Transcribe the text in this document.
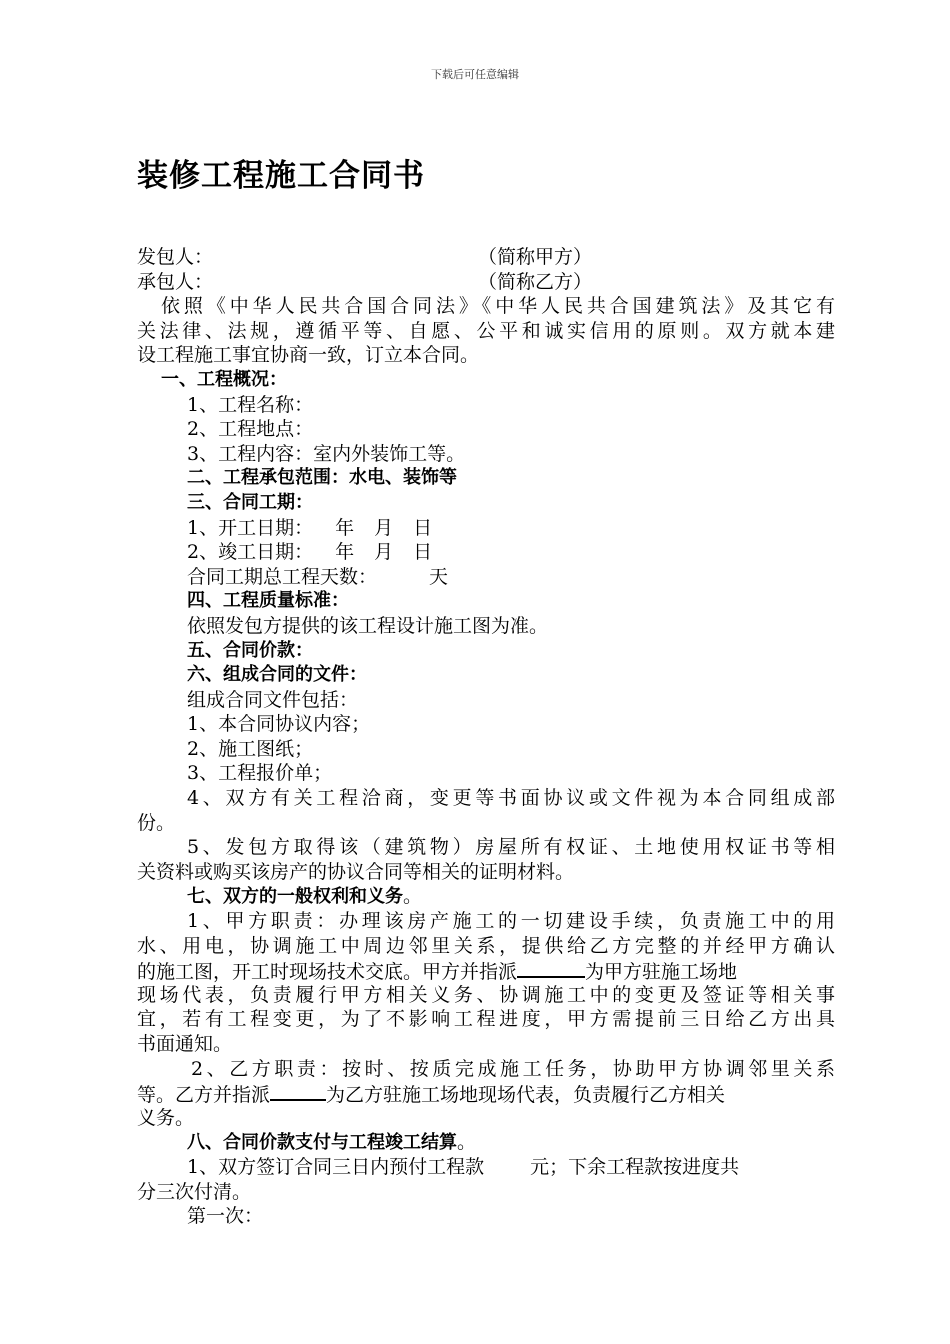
下载后可任意编辑
装修工程施工合同书
发包人：	（简称甲方）
承包人：	（简称乙方）
依照《中华人民共合国合同法》《中华人民共合国建筑法》及其它有
关法律、法规，遵循平等、自愿、公平和诚实信用的原则。双方就本建
设工程施工事宜协商一致，订立本合同。
一、工程概况：
1、工程名称：
2、工程地点：
3、工程内容：室内外装饰工等。
二、工程承包范围：水电、装饰等
三、合同工期：
1、开工日期： 年 月 日
2、竣工日期： 年 月 日
合同工期总工程天数：	天
四、工程质量标准：
依照发包方提供的该工程设计施工图为准。
五、合同价款：
六、组成合同的文件：
组成合同文件包括：
1、本合同协议内容；
2、施工图纸；
3、工程报价单；
4、双方有关工程洽商，变更等书面协议或文件视为本合同组成部
份。
5、发包方取得该（建筑物）房屋所有权证、土地使用权证书等相
关资料或购买该房产的协议合同等相关的证明材料。
七、双方的一般权利和义务。
1、甲方职责：办理该房产施工的一切建设手续，负责施工中的用
水、用电，协调施工中周边邻里关系，提供给乙方完整的并经甲方确认
的施工图，开工时现场技术交底。甲方并指派	为甲方驻施工场地
现场代表，负责履行甲方相关义务、协调施工中的变更及签证等相关事
宜，若有工程变更，为了不影响工程进度，甲方需提前三日给乙方出具
书面通知。
2、乙方职责：按时、按质完成施工任务，协助甲方协调邻里关系
等。乙方并指派	为乙方驻施工场地现场代表，负责履行乙方相关
义务。
八、合同价款支付与工程竣工结算。
1、双方签订合同三日内预付工程款 元；下余工程款按进度共
分三次付清。
第一次：
